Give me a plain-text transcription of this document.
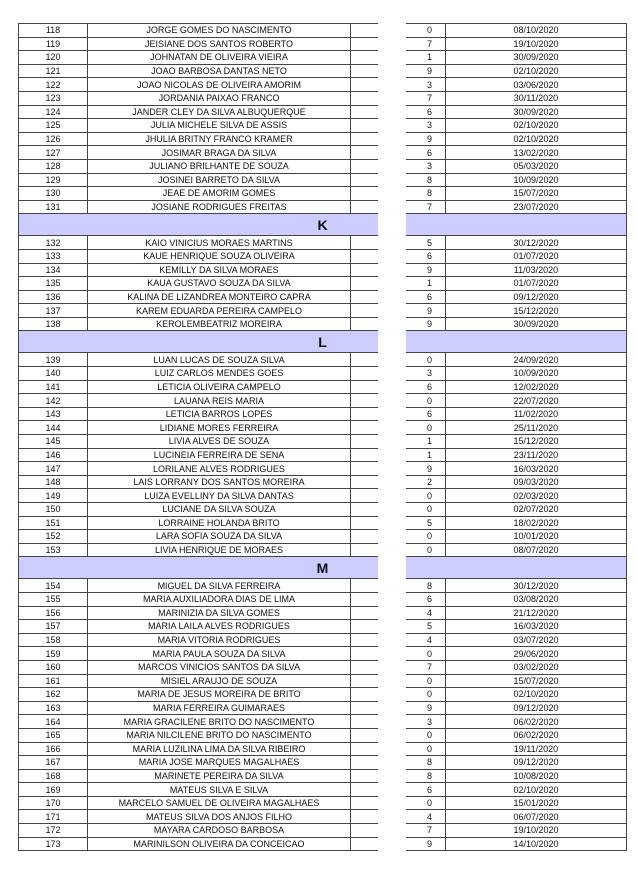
118	JORGE GOMES DO NASCIMENTO			0	08/10/2020
119	JEISIANE DOS SANTOS ROBERTO			7	19/10/2020
120	JOHNATAN DE OLIVEIRA VIEIRA			1	30/09/2020
121	JOAO BARBOSA DANTAS NETO			9	02/10/2020
122	JOAO NICOLAS DE OLIVEIRA AMORIM			3	03/06/2020
123	JORDANIA PAIXAO FRANCO			7	30/11/2020
124	JANDER CLEY DA SILVA ALBUQUERQUE			6	30/09/2020
125	JULIA MICHELE SILVA DE ASSIS			3	02/10/2020
126	JHULIA BRITNY FRANCO KRAMER			9	02/10/2020
127	JOSIMAR BRAGA DA SILVA			6	13/02/2020
128	JULIANO BRILHANTE DE SOUZA			3	05/03/2020
129	JOSINEI BARRETO DA SILVA			8	10/09/2020
130	JEAE DE AMORIM GOMES			8	15/07/2020
131	JOSIANE RODRIGUES FREITAS			7	23/07/2020
K					
132	KAIO VINICIUS MORAES MARTINS			5	30/12/2020
133	KAUE HENRIQUE SOUZA OLIVEIRA			6	01/07/2020
134	KEMILLY DA SILVA MORAES			9	11/03/2020
135	KAUA GUSTAVO SOUZA DA SILVA			1	01/07/2020
136	KALINA DE LIZANDREA MONTEIRO CAPRA			6	09/12/2020
137	KAREM EDUARDA PEREIRA CAMPELO			9	15/12/2020
138	KEROLEMBEATRIZ MOREIRA			9	30/09/2020
L					
139	LUAN LUCAS DE SOUZA SILVA			0	24/09/2020
140	LUIZ CARLOS MENDES GOES			3	10/09/2020
141	LETICIA OLIVEIRA CAMPELO			6	12/02/2020
142	LAUANA REIS MARIA			0	22/07/2020
143	LETICIA BARROS LOPES			6	11/02/2020
144	LIDIANE MORES FERREIRA			0	25/11/2020
145	LIVIA ALVES DE SOUZA			1	15/12/2020
146	LUCINEIA FERREIRA DE SENA			1	23/11/2020
147	LORILANE ALVES RODRIGUES			9	16/03/2020
148	LAIS LORRANY DOS SANTOS MOREIRA			2	09/03/2020
149	LUIZA EVELLINY DA SILVA DANTAS			0	02/03/2020
150	LUCIANE DA SILVA SOUZA			0	02/07/2020
151	LORRAINE HOLANDA BRITO			5	18/02/2020
152	LARA SOFIA SOUZA DA SILVA			0	10/01/2020
153	LIVIA HENRIQUE DE MORAES			0	08/07/2020
M					
154	MIGUEL DA SILVA FERREIRA			8	30/12/2020
155	MARIA AUXILIADORA DIAS DE LIMA			6	03/08/2020
156	MARINIZIA DA SILVA GOMES			4	21/12/2020
157	MARIA LAILA ALVES RODRIGUES			5	16/03/2020
158	MARIA VITORIA RODRIGUES			4	03/07/2020
159	MARIA PAULA SOUZA DA SILVA			0	29/06/2020
160	MARCOS VINICIOS SANTOS DA SILVA			7	03/02/2020
161	MISIEL ARAUJO DE SOUZA			0	15/07/2020
162	MARIA DE JESUS MOREIRA DE BRITO			0	02/10/2020
163	MARIA FERREIRA GUIMARAES			9	09/12/2020
164	MARIA GRACILENE BRITO DO NASCIMENTO			3	06/02/2020
165	MARIA NILCILENE BRITO DO NASCIMENTO			0	06/02/2020
166	MARIA LUZILINA LIMA DA SILVA RIBEIRO			0	19/11/2020
167	MARIA JOSE MARQUES MAGALHAES			8	09/12/2020
168	MARINETE PEREIRA DA SILVA			8	10/08/2020
169	MATEUS SILVA E SILVA			6	02/10/2020
170	MARCELO SAMUEL DE OLIVEIRA MAGALHAES			0	15/01/2020
171	MATEUS SILVA DOS ANJOS FILHO			4	06/07/2020
172	MAYARA CARDOSO BARBOSA			7	19/10/2020
173	MARINILSON OLIVEIRA DA CONCEICAO			9	14/10/2020
